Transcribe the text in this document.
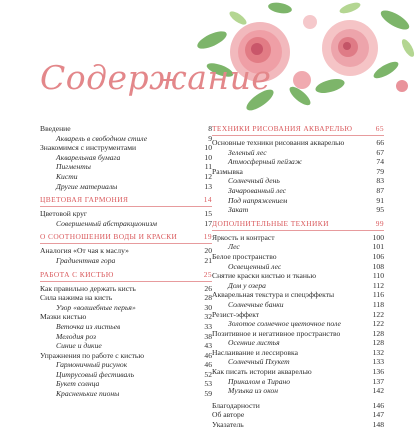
Содержание
Введение	8
Акварель в свободном стиле	9
Знакомимся с инструментами	10
Акварельная бумага	10
Пигменты	11
Кисти	12
Другие материалы	13
ЦВЕТОВАЯ ГАРМОНИЯ	14
Цветовой круг	15
Совершенный абстракционизм	17
О СООТНОШЕНИИ ВОДЫ И КРАСКИ	19
Аналогия «От чая к маслу»	20
Градиентная гора	21
РАБОТА С КИСТЬЮ	25
Как правильно держать кисть	26
Сила нажима на кисть	28
Узор «волшебные перья»	30
Мазки кистью	32
Веточка из листьев	33
Мелодия роз	38
Синие и дикие	43
Упражнения по работе с кистью	46
Гармоничный рисунок	46
Цитрусовый фестиваль	52
Букет солнца	53
Красненькие пионы	59
ТЕХНИКИ РИСОВАНИЯ АКВАРЕЛЬЮ	65
Основные техники рисования акварелью	66
Зеленый лес	67
Атмосферный пейзаж	74
Размывка	79
Солнечный день	83
Зачарованный лес	87
Под напряжением	91
Закат	95
ДОПОЛНИТЕЛЬНЫЕ ТЕХНИКИ	99
Яркость и контраст	100
Лес	101
Белое пространство	106
Освещенный лес	108
Снятие краски кистью и тканью	110
Дом у озера	112
Акварельная текстура и спецэффекты	116
Солнечные банки	118
Резист-эффект	122
Золотое солнечное цветочное поле	122
Позитивное и негативное пространство	128
Осенние листья	128
Наслаивание и лессировка	132
Солнечный Пхукет	133
Как писать истории акварелью	136
Прикалом в Тирано	137
Музыка из окон	142
Благодарности	146
Об авторе	147
Указатель	148
